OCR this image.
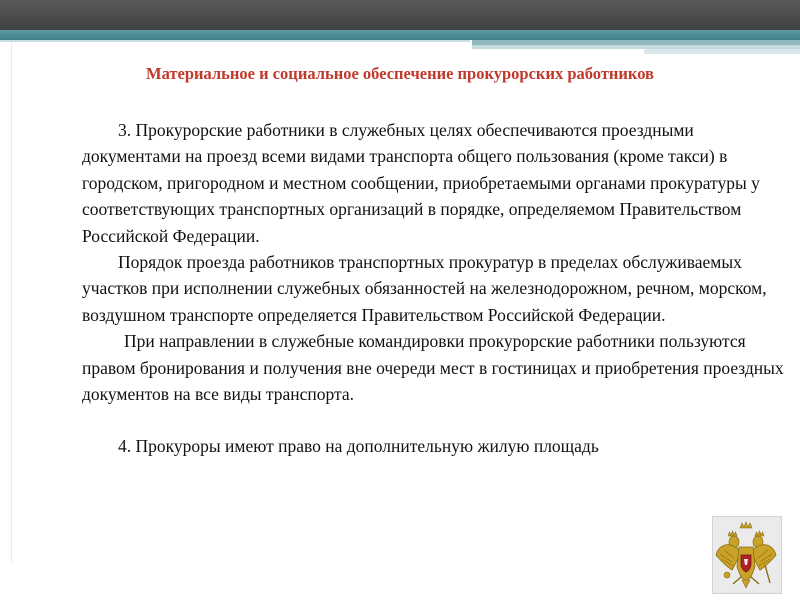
Материальное и социальное обеспечение прокурорских работников

3. Прокурорские работники в служебных целях обеспечиваются проездными документами на проезд всеми видами транспорта общего пользования (кроме такси) в городском, пригородном и местном сообщении, приобретаемыми органами прокуратуры у соответствующих транспортных организаций в порядке, определяемом Правительством Российской Федерации.

Порядок проезда работников транспортных прокуратур в пределах обслуживаемых участков при исполнении служебных обязанностей на железнодорожном, речном, морском, воздушном транспорте определяется Правительством Российской Федерации.

При направлении в служебные командировки прокурорские работники пользуются правом бронирования и получения вне очереди мест в гостиницах и приобретения проездных документов на все виды транспорта.

4. Прокуроры имеют право на дополнительную жилую площадь
